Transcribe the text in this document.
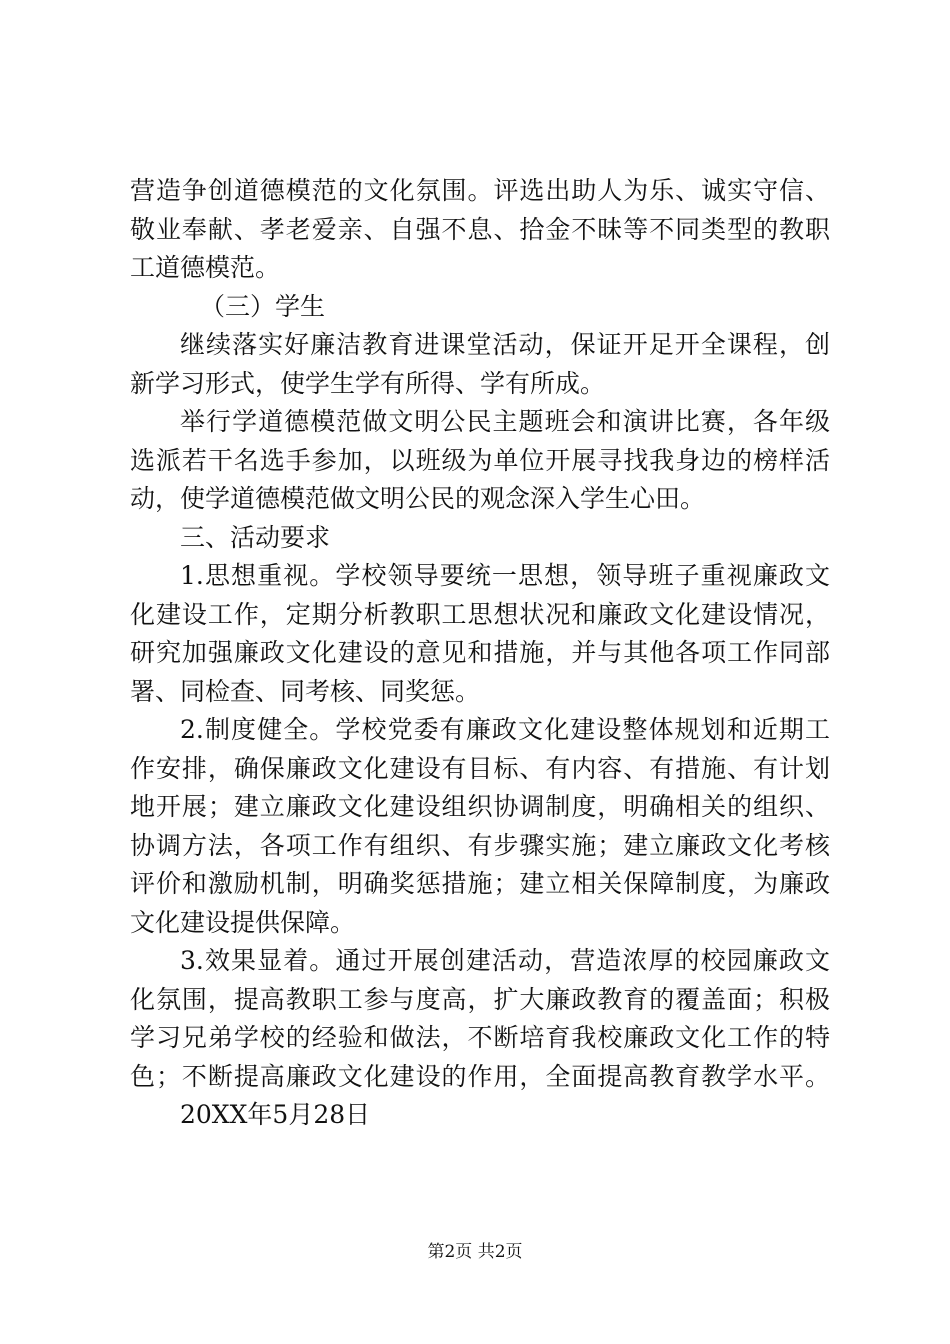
营造争创道德模范的文化氛围。评选出助人为乐、诚实守信、
敬业奉献、孝老爱亲、自强不息、拾金不昧等不同类型的教职
工道德模范。
（三）学生
继续落实好廉洁教育进课堂活动，保证开足开全课程，创
新学习形式，使学生学有所得、学有所成。
举行学道德模范做文明公民主题班会和演讲比赛，各年级
选派若干名选手参加，以班级为单位开展寻找我身边的榜样活
动，使学道德模范做文明公民的观念深入学生心田。
三、活动要求
1.思想重视。学校领导要统一思想，领导班子重视廉政文
化建设工作，定期分析教职工思想状况和廉政文化建设情况，
研究加强廉政文化建设的意见和措施，并与其他各项工作同部
署、同检查、同考核、同奖惩。
2.制度健全。学校党委有廉政文化建设整体规划和近期工
作安排，确保廉政文化建设有目标、有内容、有措施、有计划
地开展；建立廉政文化建设组织协调制度，明确相关的组织、
协调方法，各项工作有组织、有步骤实施；建立廉政文化考核
评价和激励机制，明确奖惩措施；建立相关保障制度，为廉政
文化建设提供保障。
3.效果显着。通过开展创建活动，营造浓厚的校园廉政文
化氛围，提高教职工参与度高，扩大廉政教育的覆盖面；积极
学习兄弟学校的经验和做法，不断培育我校廉政文化工作的特
色；不断提高廉政文化建设的作用，全面提高教育教学水平。
20XX年5月28日
第2页 共2页
